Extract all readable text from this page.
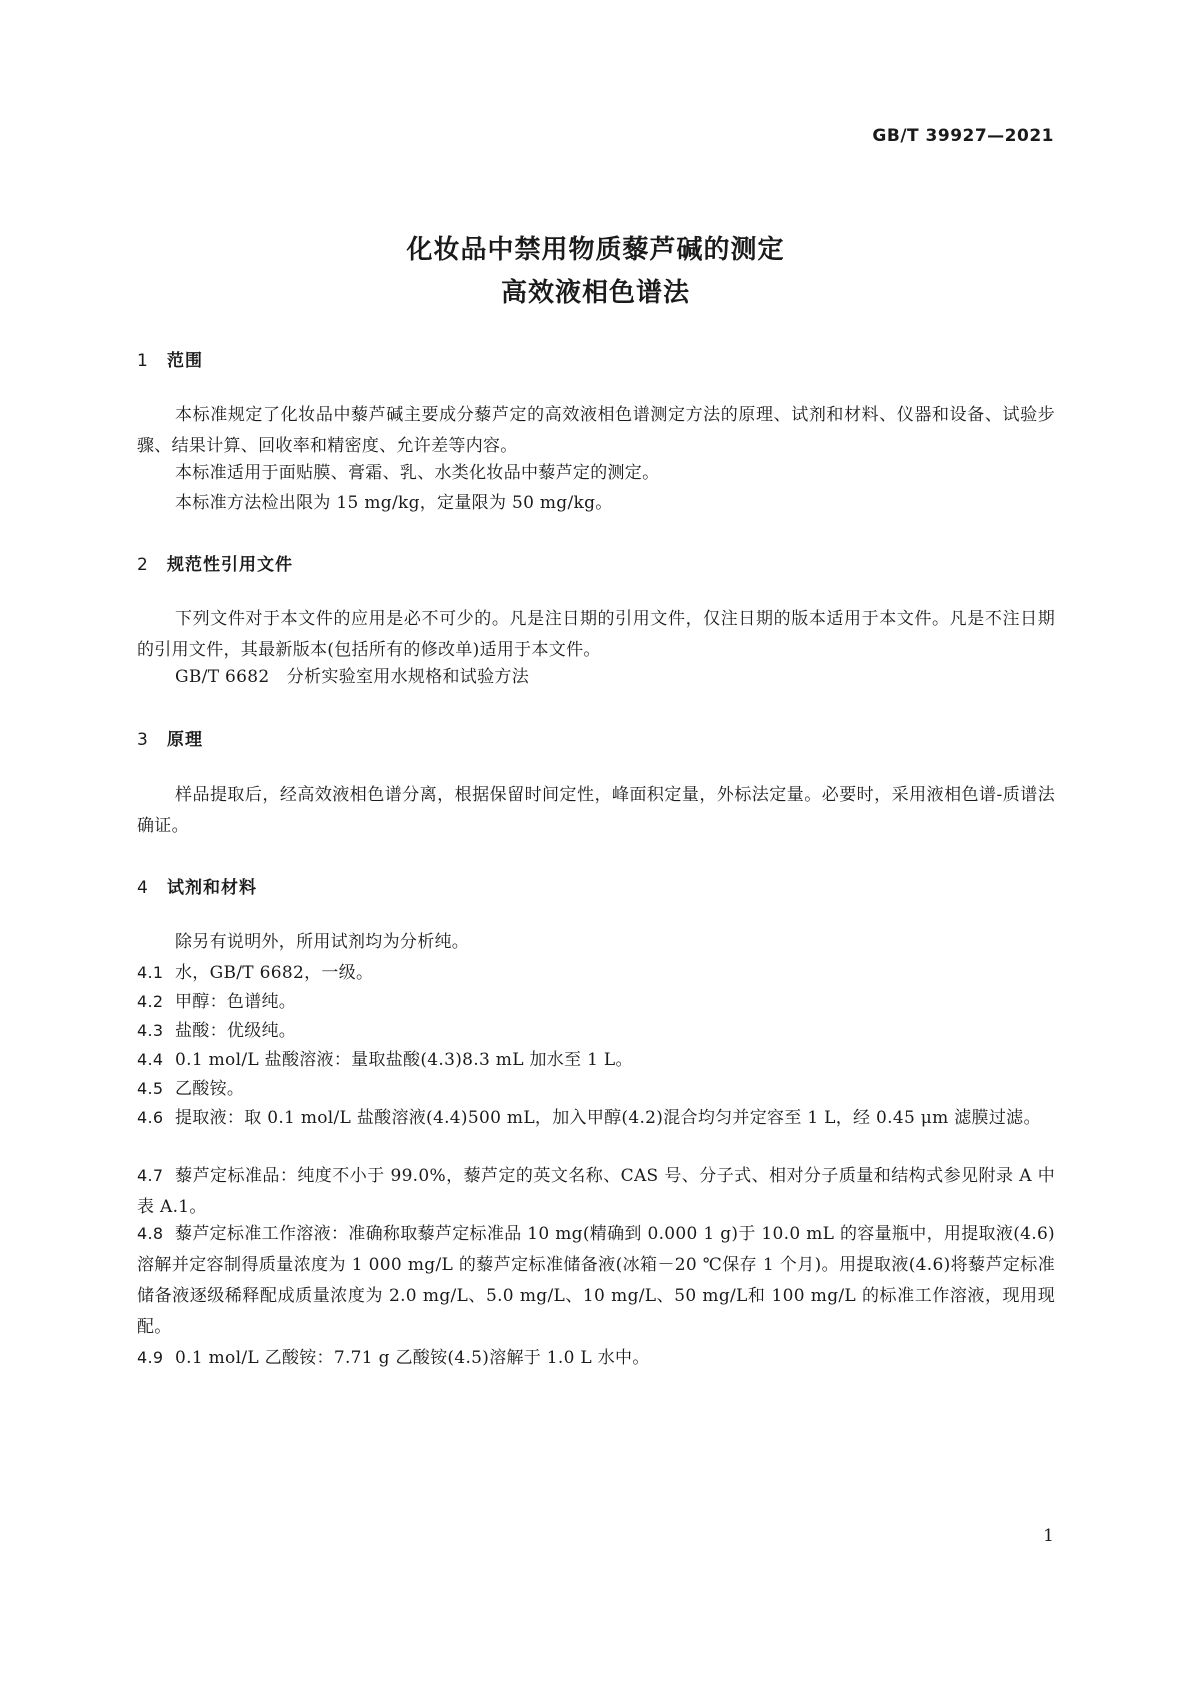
GB/T 39927—2021
化妆品中禁用物质藜芦碱的测定
高效液相色谱法
1 范围
本标准规定了化妆品中藜芦碱主要成分藜芦定的高效液相色谱测定方法的原理、试剂和材料、仪器和设备、试验步骤、结果计算、回收率和精密度、允许差等内容。
本标准适用于面贴膜、膏霜、乳、水类化妆品中藜芦定的测定。
本标准方法检出限为 15 mg/kg，定量限为 50 mg/kg。
2 规范性引用文件
下列文件对于本文件的应用是必不可少的。凡是注日期的引用文件，仅注日期的版本适用于本文件。凡是不注日期的引用文件，其最新版本(包括所有的修改单)适用于本文件。
GB/T 6682　分析实验室用水规格和试验方法
3 原理
样品提取后，经高效液相色谱分离，根据保留时间定性，峰面积定量，外标法定量。必要时，采用液相色谱-质谱法确证。
4 试剂和材料
除另有说明外，所用试剂均为分析纯。
4.1 水，GB/T 6682，一级。
4.2 甲醇：色谱纯。
4.3 盐酸：优级纯。
4.4 0.1 mol/L 盐酸溶液：量取盐酸(4.3)8.3 mL 加水至 1 L。
4.5 乙酸铵。
4.6 提取液：取 0.1 mol/L 盐酸溶液(4.4)500 mL，加入甲醇(4.2)混合均匀并定容至 1 L，经 0.45 μm 滤膜过滤。
4.7 藜芦定标准品：纯度不小于 99.0%，藜芦定的英文名称、CAS 号、分子式、相对分子质量和结构式参见附录 A 中表 A.1。
4.8 藜芦定标准工作溶液：准确称取藜芦定标准品 10 mg(精确到 0.000 1 g)于 10.0 mL 的容量瓶中，用提取液(4.6)溶解并定容制得质量浓度为 1 000 mg/L 的藜芦定标准储备液(冰箱－20 ℃保存 1 个月)。用提取液(4.6)将藜芦定标准储备液逐级稀释配成质量浓度为 2.0 mg/L、5.0 mg/L、10 mg/L、50 mg/L和 100 mg/L 的标准工作溶液，现用现配。
4.9 0.1 mol/L 乙酸铵：7.71 g 乙酸铵(4.5)溶解于 1.0 L 水中。
1
